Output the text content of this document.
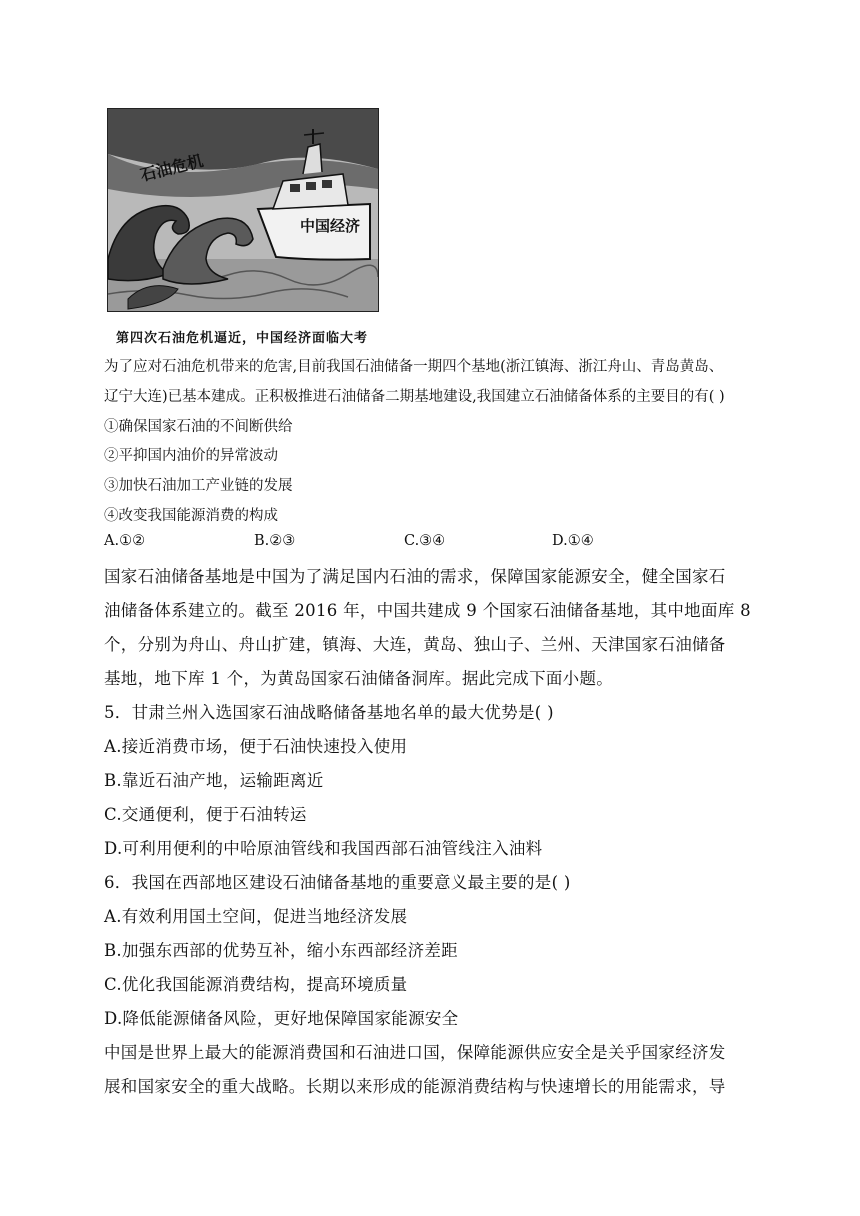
石油危机
中国经济
第四次石油危机逼近，中国经济面临大考
为了应对石油危机带来的危害,目前我国石油储备一期四个基地(浙江镇海、浙江舟山、青岛黄岛、
辽宁大连)已基本建成。正积极推进石油储备二期基地建设,我国建立石油储备体系的主要目的有( )
①确保国家石油的不间断供给
②平抑国内油价的异常波动
③加快石油加工产业链的发展
④改变我国能源消费的构成
A.①②	B.②③	C.③④	D.①④
国家石油储备基地是中国为了满足国内石油的需求，保障国家能源安全，健全国家石
油储备体系建立的。截至 2016 年，中国共建成 9 个国家石油储备基地，其中地面库 8
个，分别为舟山、舟山扩建，镇海、大连，黄岛、独山子、兰州、天津国家石油储备
基地，地下库 1 个，为黄岛国家石油储备洞库。据此完成下面小题。
5．甘肃兰州入选国家石油战略储备基地名单的最大优势是( )
A.接近消费市场，便于石油快速投入使用
B.靠近石油产地，运输距离近
C.交通便利，便于石油转运
D.可利用便利的中哈原油管线和我国西部石油管线注入油料
6．我国在西部地区建设石油储备基地的重要意义最主要的是( )
A.有效利用国土空间，促进当地经济发展
B.加强东西部的优势互补，缩小东西部经济差距
C.优化我国能源消费结构，提高环境质量
D.降低能源储备风险，更好地保障国家能源安全
中国是世界上最大的能源消费国和石油进口国，保障能源供应安全是关乎国家经济发
展和国家安全的重大战略。长期以来形成的能源消费结构与快速增长的用能需求，导
